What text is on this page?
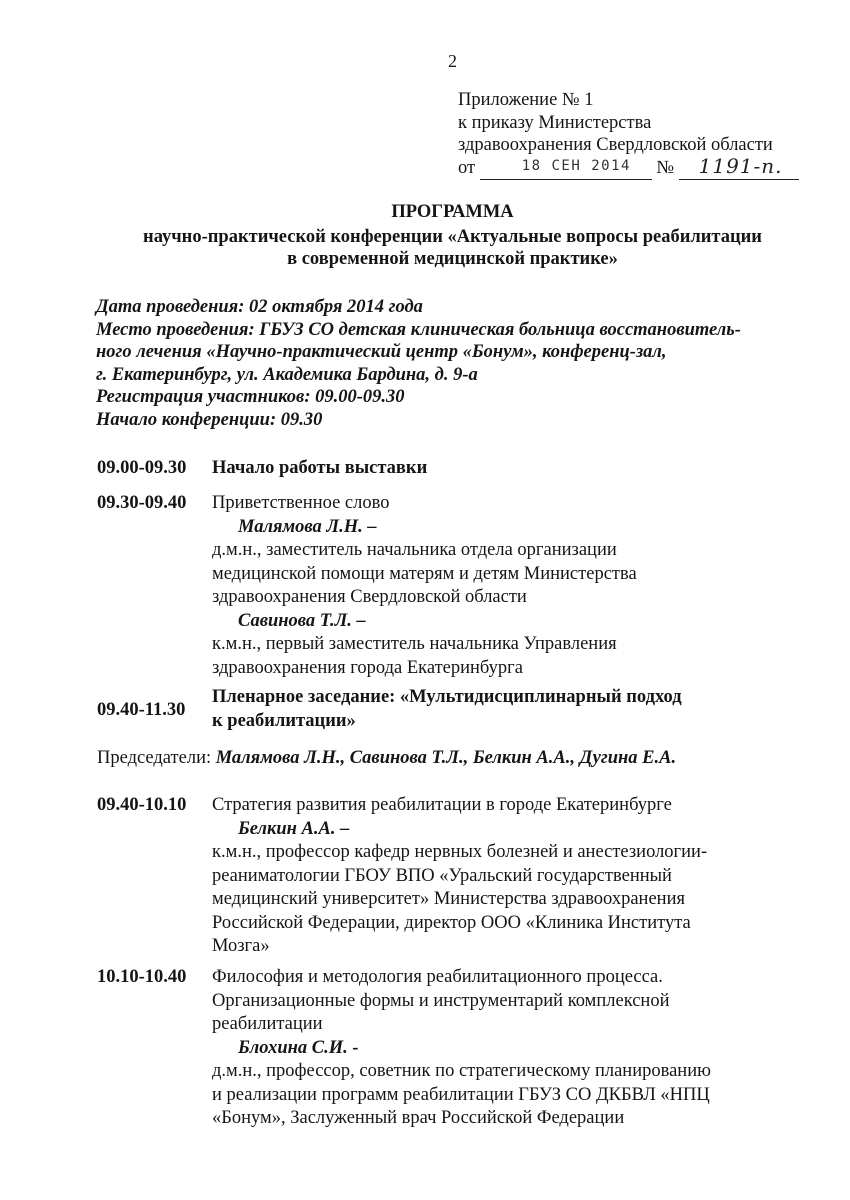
2
Приложение № 1
к приказу Министерства
здравоохранения Свердловской области
от	18 СЕН 2014 № 1191-п.
ПРОГРАММА
научно-практической конференции «Актуальные вопросы реабилитации
в современной медицинской практике»
Дата проведения: 02 октября 2014 года
Место проведения: ГБУЗ СО детская клиническая больница восстановитель-
ного лечения «Научно-практический центр «Бонум», конференц-зал,
г. Екатеринбург, ул. Академика Бардина, д. 9-а
Регистрация участников: 09.00-09.30
Начало конференции: 09.30
09.00-09.30 Начало работы выставки
09.30-09.40 Приветственное слово
Малямова Л.Н. –
д.м.н., заместитель начальника отдела организации
медицинской помощи матерям и детям Министерства
здравоохранения Свердловской области
Савинова Т.Л. –
к.м.н., первый заместитель начальника Управления
здравоохранения города Екатеринбурга
09.40-11.30
Пленарное заседание: «Мультидисциплинарный подход
к реабилитации»
Председатели: Малямова Л.Н., Савинова Т.Л., Белкин А.А., Дугина Е.А.
09.40-10.10 Стратегия развития реабилитации в городе Екатеринбурге
Белкин А.А. –
к.м.н., профессор кафедр нервных болезней и анестезиологии-
реаниматологии ГБОУ ВПО «Уральский государственный
медицинский университет» Министерства здравоохранения
Российской Федерации, директор ООО «Клиника Института
Мозга»
10.10-10.40 Философия и методология реабилитационного процесса.
Организационные формы и инструментарий комплексной
реабилитации
Блохина С.И. -
д.м.н., профессор, советник по стратегическому планированию
и реализации программ реабилитации ГБУЗ СО ДКБВЛ «НПЦ
«Бонум», Заслуженный врач Российской Федерации
